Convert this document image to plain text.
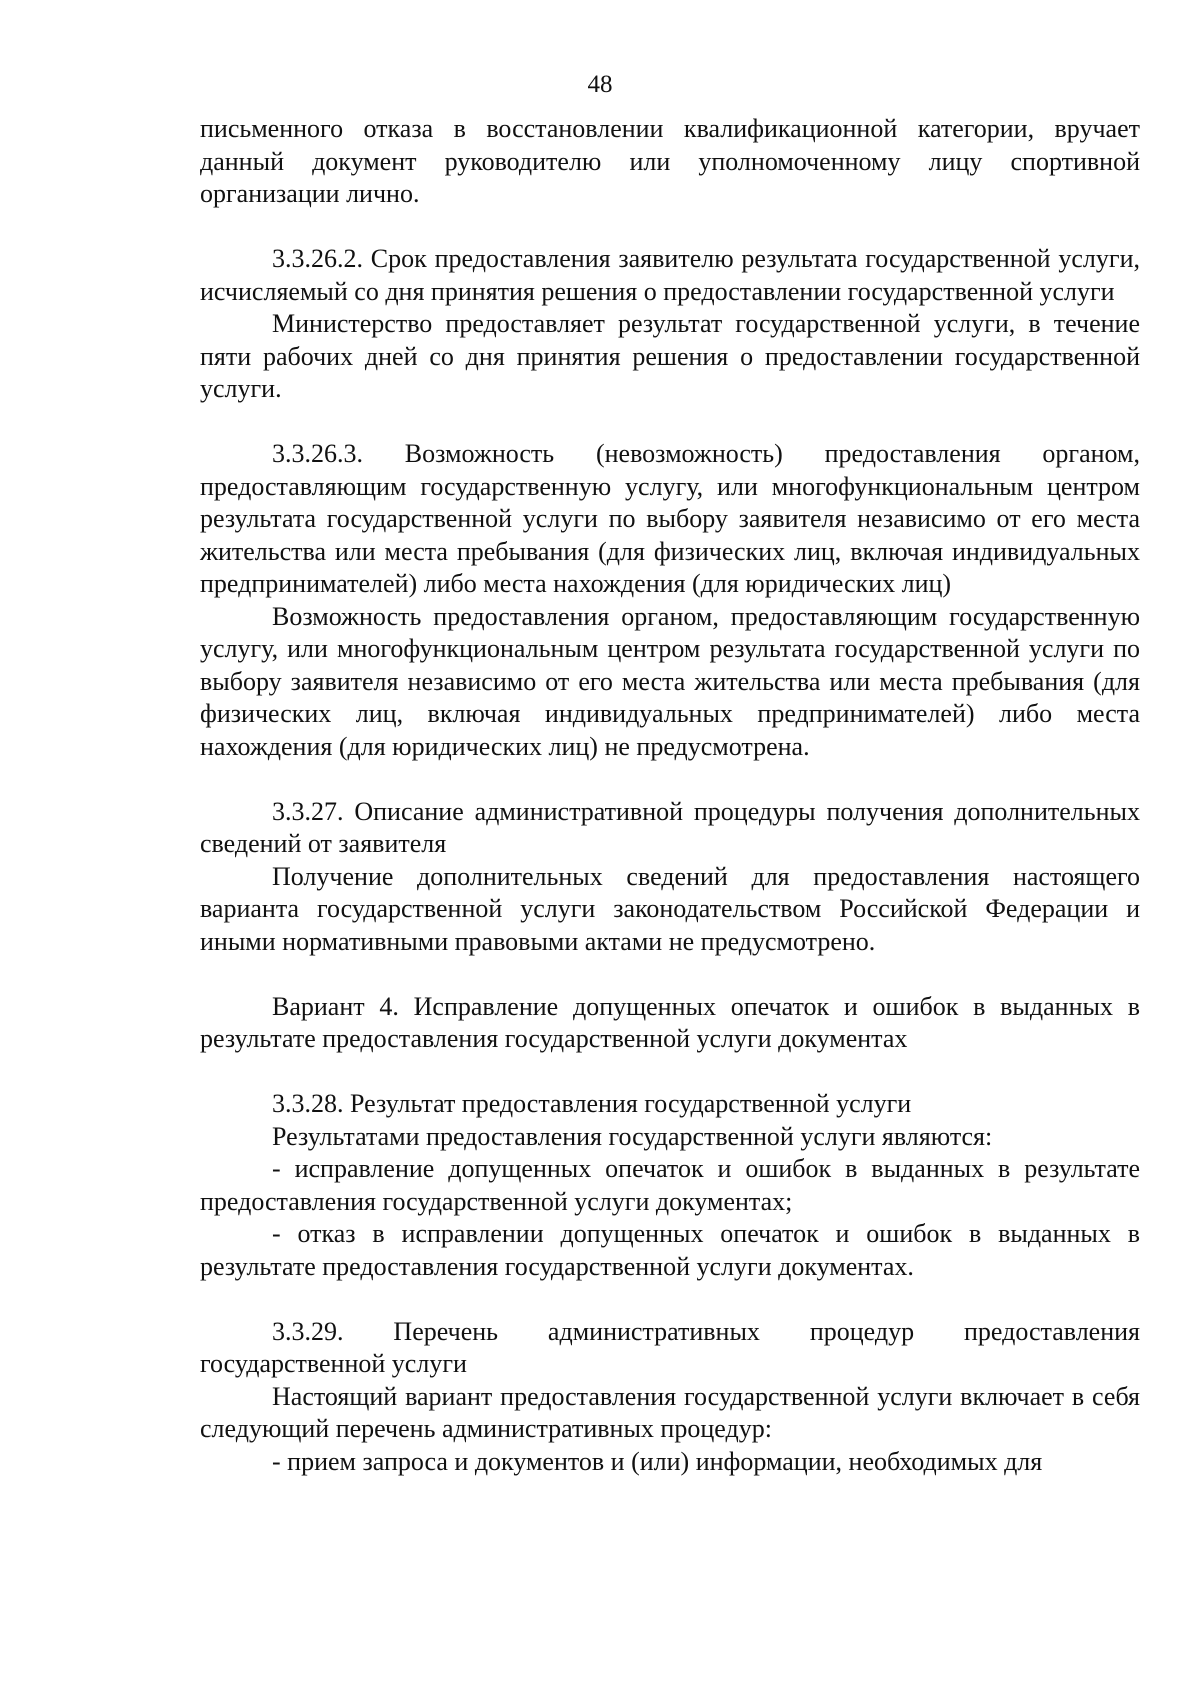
48

письменного отказа в восстановлении квалификационной категории, вручает данный документ руководителю или уполномоченному лицу спортивной организации лично.

3.3.26.2. Срок предоставления заявителю результата государственной услуги, исчисляемый со дня принятия решения о предоставлении государственной услуги

Министерство предоставляет результат государственной услуги, в течение пяти рабочих дней со дня принятия решения о предоставлении государственной услуги.

3.3.26.3. Возможность (невозможность) предоставления органом, предоставляющим государственную услугу, или многофункциональным центром результата государственной услуги по выбору заявителя независимо от его места жительства или места пребывания (для физических лиц, включая индивидуальных предпринимателей) либо места нахождения (для юридических лиц)

Возможность предоставления органом, предоставляющим государственную услугу, или многофункциональным центром результата государственной услуги по выбору заявителя независимо от его места жительства или места пребывания (для физических лиц, включая индивидуальных предпринимателей) либо места нахождения (для юридических лиц) не предусмотрена.

3.3.27. Описание административной процедуры получения дополнительных сведений от заявителя

Получение дополнительных сведений для предоставления настоящего варианта государственной услуги законодательством Российской Федерации и иными нормативными правовыми актами не предусмотрено.

Вариант 4. Исправление допущенных опечаток и ошибок в выданных в результате предоставления государственной услуги документах

3.3.28. Результат предоставления государственной услуги

Результатами предоставления государственной услуги являются:

- исправление допущенных опечаток и ошибок в выданных в результате предоставления государственной услуги документах;

- отказ в исправлении допущенных опечаток и ошибок в выданных в результате предоставления государственной услуги документах.

3.3.29. Перечень административных процедур предоставления государственной услуги

Настоящий вариант предоставления государственной услуги включает в себя следующий перечень административных процедур:

- прием запроса и документов и (или) информации, необходимых для
